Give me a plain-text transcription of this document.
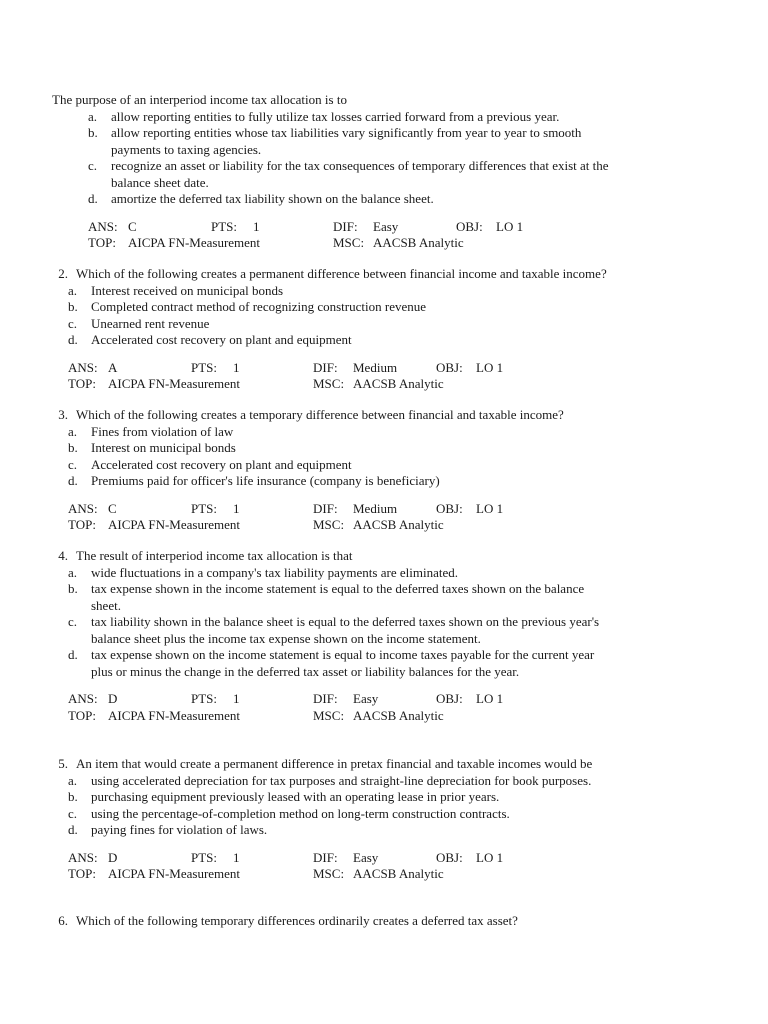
The purpose of an interperiod income tax allocation is to
a.	allow reporting entities to fully utilize tax losses carried forward from a previous year.
b.	allow reporting entities whose tax liabilities vary significantly from year to year to smooth payments to taxing agencies.
c.	recognize an asset or liability for the tax consequences of temporary differences that exist at the balance sheet date.
d.	amortize the deferred tax liability shown on the balance sheet.
ANS: C	PTS: 1	DIF: Easy	OBJ: LO 1
TOP: AICPA FN-Measurement	MSC: AACSB Analytic
2. Which of the following creates a permanent difference between financial income and taxable income?
a.	Interest received on municipal bonds
b.	Completed contract method of recognizing construction revenue
c.	Unearned rent revenue
d.	Accelerated cost recovery on plant and equipment
ANS: A	PTS: 1	DIF: Medium	OBJ: LO 1
TOP: AICPA FN-Measurement	MSC: AACSB Analytic
3. Which of the following creates a temporary difference between financial and taxable income?
a.	Fines from violation of law
b.	Interest on municipal bonds
c.	Accelerated cost recovery on plant and equipment
d.	Premiums paid for officer's life insurance (company is beneficiary)
ANS: C	PTS: 1	DIF: Medium	OBJ: LO 1
TOP: AICPA FN-Measurement	MSC: AACSB Analytic
4. The result of interperiod income tax allocation is that
a.	wide fluctuations in a company's tax liability payments are eliminated.
b.	tax expense shown in the income statement is equal to the deferred taxes shown on the balance sheet.
c.	tax liability shown in the balance sheet is equal to the deferred taxes shown on the previous year's balance sheet plus the income tax expense shown on the income statement.
d.	tax expense shown on the income statement is equal to income taxes payable for the current year plus or minus the change in the deferred tax asset or liability balances for the year.
ANS: D	PTS: 1	DIF: Easy	OBJ: LO 1
TOP: AICPA FN-Measurement	MSC: AACSB Analytic
5. An item that would create a permanent difference in pretax financial and taxable incomes would be
a.	using accelerated depreciation for tax purposes and straight-line depreciation for book purposes.
b.	purchasing equipment previously leased with an operating lease in prior years.
c.	using the percentage-of-completion method on long-term construction contracts.
d.	paying fines for violation of laws.
ANS: D	PTS: 1	DIF: Easy	OBJ: LO 1
TOP: AICPA FN-Measurement	MSC: AACSB Analytic
6. Which of the following temporary differences ordinarily creates a deferred tax asset?
